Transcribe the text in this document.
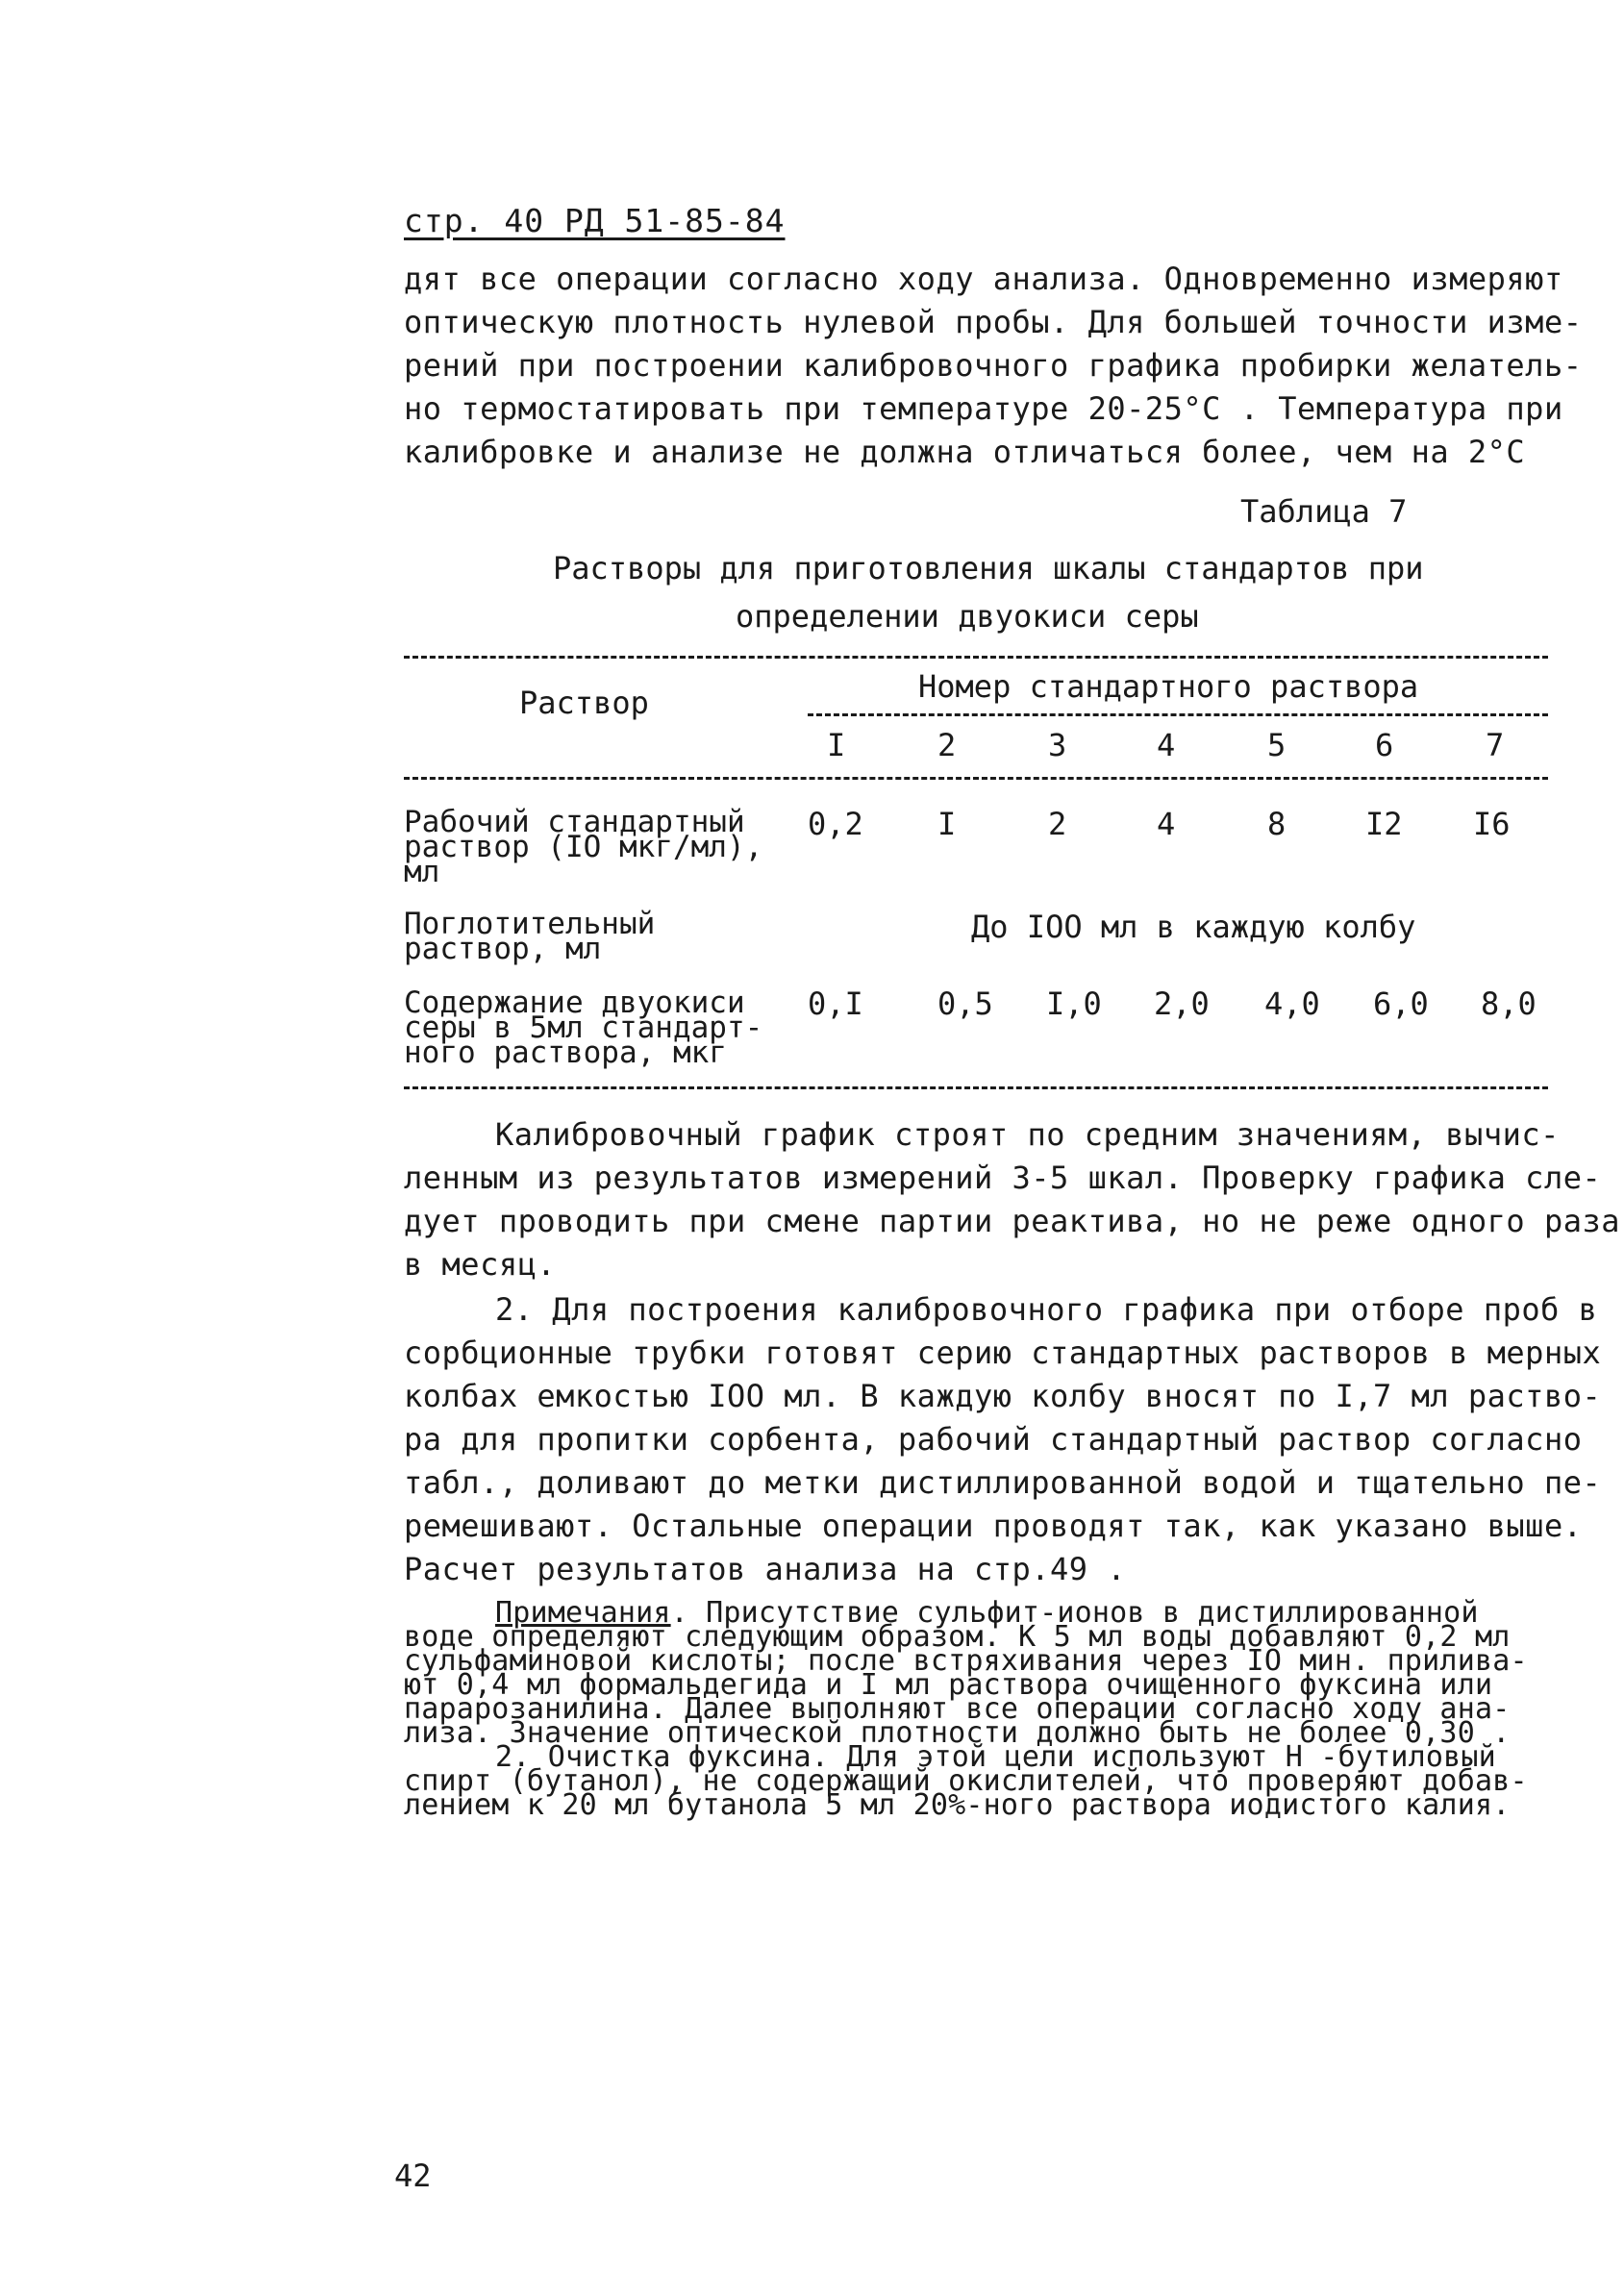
стр. 40 РД 51-85-84
дят все операции согласно ходу анализа. Одновременно измеряют
оптическую плотность нулевой пробы. Для большей точности изме-
рений при построении калибровочного графика пробирки желатель-
но термостатировать при температуре 20-25°C . Температура при
калибровке и анализе не должна отличаться более, чем на 2°C
Таблица 7
Растворы для приготовления шкалы стандартов при
определении двуокиси серы
Раствор	Номер стандартного раствора
I	2	3	4	5	6	7
Рабочий стандартный
раствор (IO мкг/мл),
мл
0,2 I	2	4	8	I2 I6
Поглотительный
раствор, мл
До IOO мл в каждую колбу
Содержание двуокиси
серы в 5мл стандарт-
ного раствора, мкг
0,I 0,5 I,0 2,0 4,0 6,0 8,0
Калибровочный график строят по средним значениям, вычис-
ленным из результатов измерений 3-5 шкал. Проверку графика сле-
дует проводить при смене партии реактива, но не реже одного раза
в месяц.
2. Для построения калибровочного графика при отборе проб в
сорбционные трубки готовят серию стандартных растворов в мерных
колбах емкостью IOO мл. В каждую колбу вносят по I,7 мл раство-
ра для пропитки сорбента, рабочий стандартный раствор согласно
табл., доливают до метки дистиллированной водой и тщательно пе-
ремешивают. Остальные операции проводят так, как указано выше.
Расчет результатов анализа на стр.49 .
Примечания. Присутствие сульфит-ионов в дистиллированной
воде определяют следующим образом. К 5 мл воды добавляют 0,2 мл
сульфаминовой кислоты; после встряхивания через IO мин. прилива-
ют 0,4 мл формальдегида и I мл раствора очищенного фуксина или
парарозанилина. Далее выполняют все операции согласно ходу ана-
лиза. Значение оптической плотности должно быть не более 0,30 .
2. Очистка фуксина. Для этой цели используют H -бутиловый
спирт (бутанол), не содержащий окислителей, что проверяют добав-
лением к 20 мл бутанола 5 мл 20%-ного раствора иодистого калия.
42
